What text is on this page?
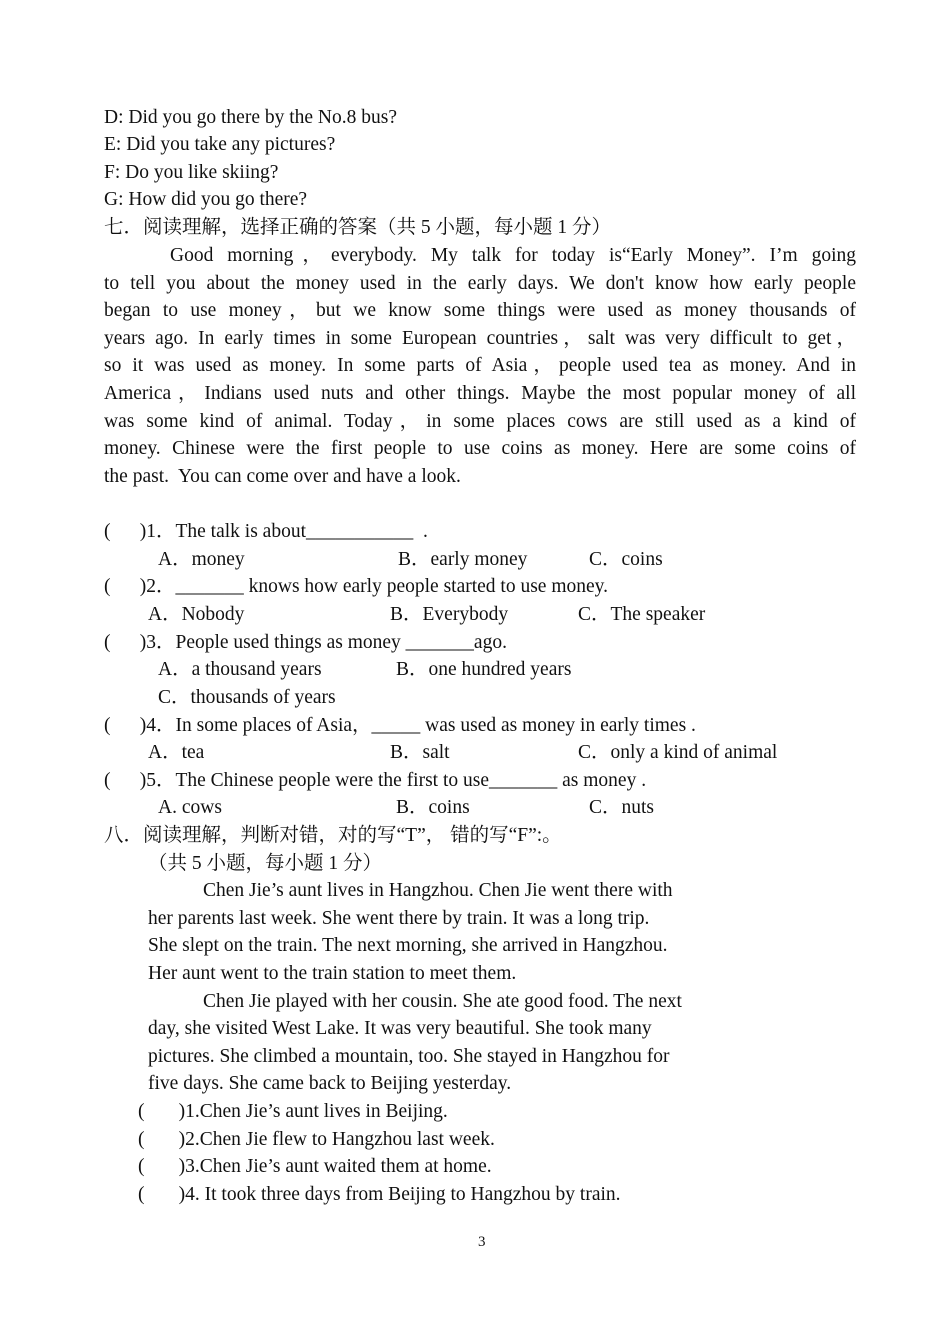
D: Did you go there by the No.8 bus?
E: Did you take any pictures?
F: Do you like skiing?
G: How did you go there?
七．阅读理解，选择正确的答案（共 5 小题，每小题 1 分）
Good morning，everybody. My talk for today is“Early Money”. I’m going
to tell you about the money used in the early days. We don't know how early people
began to use money，but we know some things were used as money thousands of
years ago. In early times in some European countries，salt was very difficult to get，
so it was used as money. In some parts of Asia，people used tea as money. And in
America，Indians used nuts and other things. Maybe the most popular money of all
was some kind of animal. Today，in some places cows are still used as a kind of
money. Chinese were the first people to use coins as money. Here are some coins of
the past.  You can come over and have a look.
(      )1．The talk is about___________  .
A．money	B．early money	C．coins
(      )2．_______ knows how early people started to use money.
A．Nobody	B．Everybody	C．The speaker
(      )3．People used things as money _______ago.
A．a thousand years	B．one hundred years
C．thousands of years
(      )4．In some places of Asia，_____ was used as money in early times .
A．tea	B．salt	C．only a kind of animal
(      )5．The Chinese people were the first to use_______ as money .
A. cows	B．coins	C．nuts
八．阅读理解，判断对错，对的写“T”， 错的写“F”:。
（共 5 小题，每小题 1 分）
Chen Jie’s aunt lives in Hangzhou. Chen Jie went there with
her parents last week. She went there by train. It was a long trip.
She slept on the train. The next morning, she arrived in Hangzhou.
Her aunt went to the train station to meet them.
Chen Jie played with her cousin. She ate good food. The next
day, she visited West Lake. It was very beautiful. She took many
pictures. She climbed a mountain, too. She stayed in Hangzhou for
five days. She came back to Beijing yesterday.
(       )1.Chen Jie’s aunt lives in Beijing.
(       )2.Chen Jie flew to Hangzhou last week.
(       )3.Chen Jie’s aunt waited them at home.
(       )4. It took three days from Beijing to Hangzhou by train.
3
